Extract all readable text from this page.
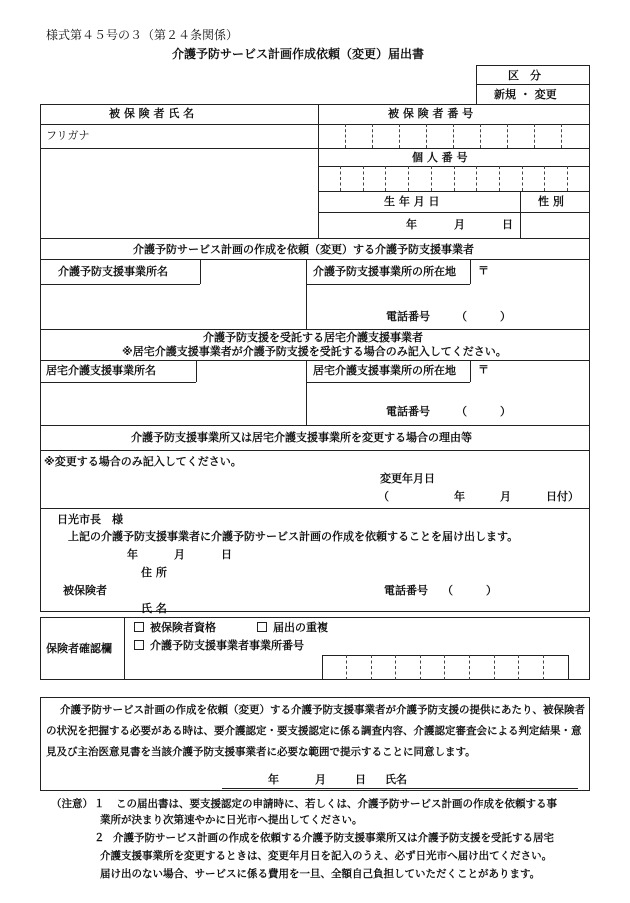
様式第４５号の３（第２４条関係）
介護予防サービス計画作成依頼（変更）届出書
区　分
新規 ・ 変更
被 保 険 者 氏 名	被 保 険 者 番 号
フリガナ
個 人 番 号
生 年 月 日	性 別
年	月	日
介護予防サービス計画の作成を依頼（変更）する介護予防支援事業者
介護予防支援事業所名	介護予防支援事業所の所在地 〒
電話番号 （　　　）
介護予防支援を受託する居宅介護支援事業者
※居宅介護支援事業者が介護予防支援を受託する場合のみ記入してください。
居宅介護支援事業所名	居宅介護支援事業所の所在地 〒
電話番号 （　　　）
介護予防支援事業所又は居宅介護支援事業所を変更する場合の理由等
※変更する場合のみ記入してください。
変更年月日
（	年	月	日付）
日光市長　様
上記の介護予防支援事業者に介護予防サービス計画の作成を依頼することを届け出します。
年	月	日
住 所
被保険者	電話番号 （　　　）
氏 名
保険者確認欄
被保険者資格	届出の重複
介護予防支援事業者事業所番号
介護予防サービス計画の作成を依頼（変更）する介護予防支援事業者が介護予防支援の提供にあたり、被保険者の状況を把握する必要がある時は、要介護認定・要支援認定に係る調査内容、介護認定審査会による判定結果・意見及び主治医意見書を当該介護予防支援事業者に必要な範囲で提示することに同意します。
年	月	日 氏名
（注意） １ この届出書は、要支援認定の申請時に、若しくは、介護予防サービス計画の作成を依頼する事
業所が決まり次第速やかに日光市へ提出してください。
２ 介護予防サービス計画の作成を依頼する介護予防支援事業所又は介護予防支援を受託する居宅
介護支援事業所を変更するときは、変更年月日を記入のうえ、必ず日光市へ届け出てください。
届け出のない場合、サービスに係る費用を一旦、全額自己負担していただくことがあります。
